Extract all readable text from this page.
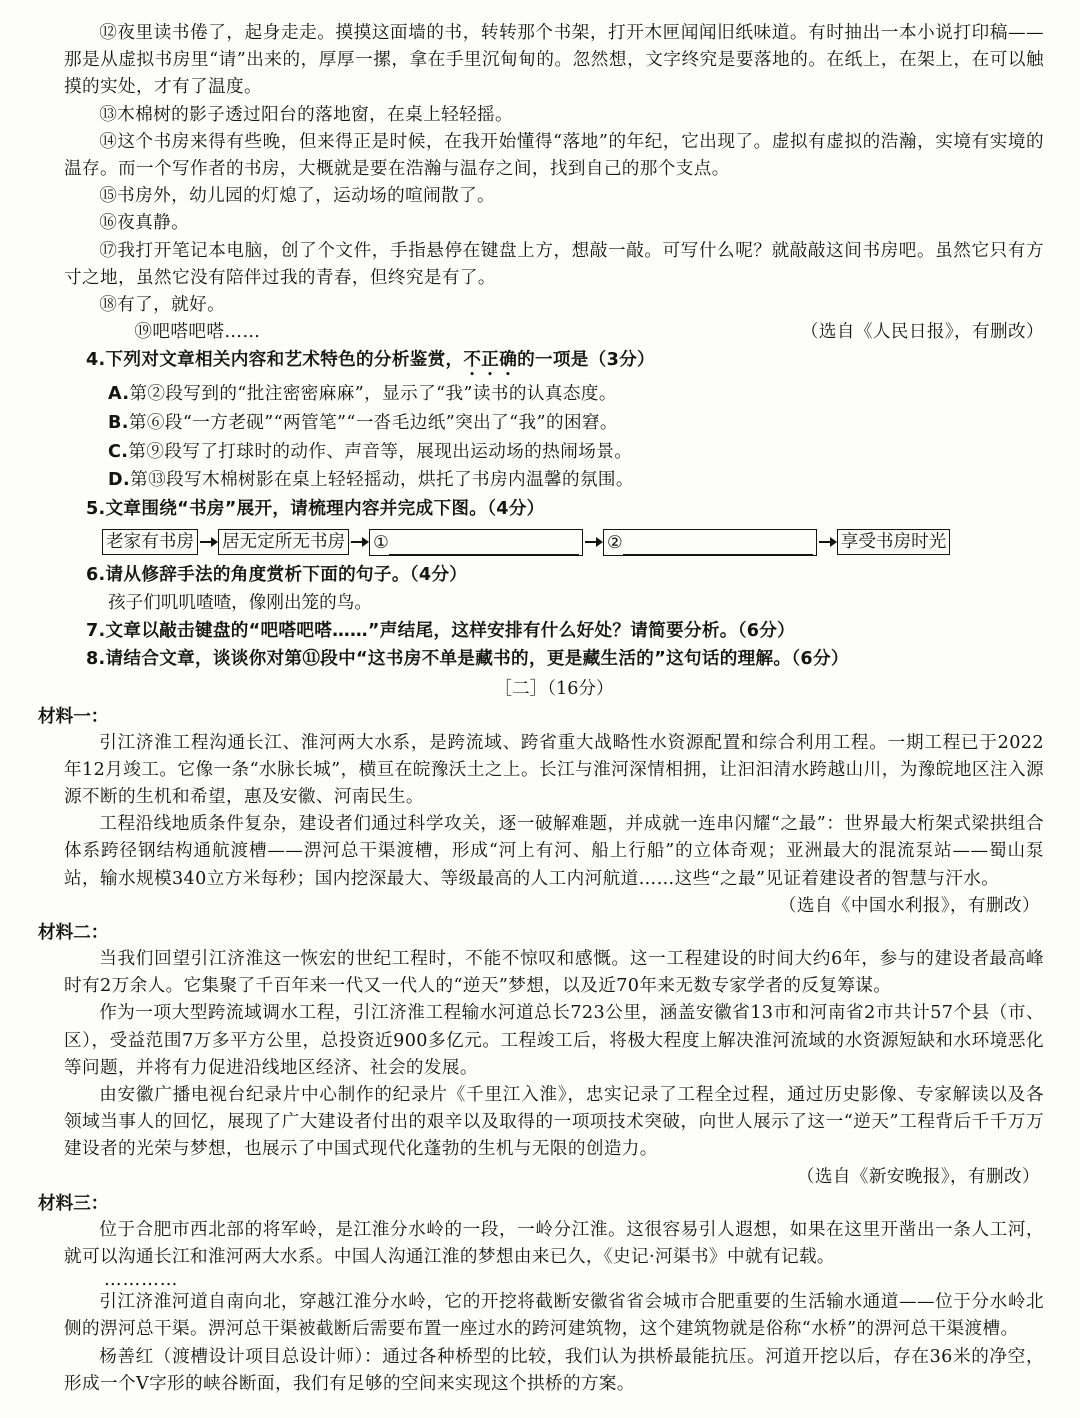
⑫夜里读书倦了，起身走走。摸摸这面墙的书，转转那个书架，打开木匣闻闻旧纸味道。有时抽出一本小说打印稿——那是从虚拟书房里“请”出来的，厚厚一摞，拿在手里沉甸甸的。忽然想，文字终究是要落地的。在纸上，在架上，在可以触摸的实处，才有了温度。

⑬木棉树的影子透过阳台的落地窗，在桌上轻轻摇。

⑭这个书房来得有些晚，但来得正是时候，在我开始懂得“落地”的年纪，它出现了。虚拟有虚拟的浩瀚，实境有实境的温存。而一个写作者的书房，大概就是要在浩瀚与温存之间，找到自己的那个支点。

⑮书房外，幼儿园的灯熄了，运动场的喧闹散了。

⑯夜真静。

⑰我打开笔记本电脑，创了个文件，手指悬停在键盘上方，想敲一敲。可写什么呢？就敲敲这间书房吧。虽然它只有方寸之地，虽然它没有陪伴过我的青春，但终究是有了。

⑱有了，就好。

⑲吧嗒吧嗒……	（选自《人民日报》，有删改）

4.下列对文章相关内容和艺术特色的分析鉴赏，不正确的一项是（3分）

A.第②段写到的“批注密密麻麻”，显示了“我”读书的认真态度。

B.第⑥段“一方老砚”“两管笔”“一沓毛边纸”突出了“我”的困窘。

C.第⑨段写了打球时的动作、声音等，展现出运动场的热闹场景。

D.第⑬段写木棉树影在桌上轻轻摇动，烘托了书房内温馨的氛围。

5.文章围绕“书房”展开，请梳理内容并完成下图。（4分）

老家有书房 居无定所无书房 ①	②	享受书房时光

6.请从修辞手法的角度赏析下面的句子。（4分）

孩子们叽叽喳喳，像刚出笼的鸟。

7.文章以敲击键盘的“吧嗒吧嗒……”声结尾，这样安排有什么好处？请简要分析。（6分）

8.请结合文章，谈谈你对第⑪段中“这书房不单是藏书的，更是藏生活的”这句话的理解。（6分）

［二］（16分）

材料一：

引江济淮工程沟通长江、淮河两大水系，是跨流域、跨省重大战略性水资源配置和综合利用工程。一期工程已于2022年12月竣工。它像一条“水脉长城”，横亘在皖豫沃土之上。长江与淮河深情相拥，让汩汩清水跨越山川，为豫皖地区注入源源不断的生机和希望，惠及安徽、河南民生。

工程沿线地质条件复杂，建设者们通过科学攻关，逐一破解难题，并成就一连串闪耀“之最”：世界最大桁架式梁拱组合体系跨径钢结构通航渡槽——淠河总干渠渡槽，形成“河上有河、船上行船”的立体奇观；亚洲最大的混流泵站——蜀山泵站，输水规模340立方米每秒；国内挖深最大、等级最高的人工内河航道……这些“之最”见证着建设者的智慧与汗水。

（选自《中国水利报》，有删改）

材料二：

当我们回望引江济淮这一恢宏的世纪工程时，不能不惊叹和感慨。这一工程建设的时间大约6年，参与的建设者最高峰时有2万余人。它集聚了千百年来一代又一代人的“逆天”梦想，以及近70年来无数专家学者的反复筹谋。

作为一项大型跨流域调水工程，引江济淮工程输水河道总长723公里，涵盖安徽省13市和河南省2市共计57个县（市、区），受益范围7万多平方公里，总投资近900多亿元。工程竣工后，将极大程度上解决淮河流域的水资源短缺和水环境恶化等问题，并将有力促进沿线地区经济、社会的发展。

由安徽广播电视台纪录片中心制作的纪录片《千里江入淮》，忠实记录了工程全过程，通过历史影像、专家解读以及各领域当事人的回忆，展现了广大建设者付出的艰辛以及取得的一项项技术突破，向世人展示了这一“逆天”工程背后千千万万建设者的光荣与梦想，也展示了中国式现代化蓬勃的生机与无限的创造力。

（选自《新安晚报》，有删改）

材料三：

位于合肥市西北部的将军岭，是江淮分水岭的一段，一岭分江淮。这很容易引人遐想，如果在这里开凿出一条人工河，就可以沟通长江和淮河两大水系。中国人沟通江淮的梦想由来已久，《史记·河渠书》中就有记载。

…………

引江济淮河道自南向北，穿越江淮分水岭，它的开挖将截断安徽省省会城市合肥重要的生活输水通道——位于分水岭北侧的淠河总干渠。淠河总干渠被截断后需要布置一座过水的跨河建筑物，这个建筑物就是俗称“水桥”的淠河总干渠渡槽。

杨善红（渡槽设计项目总设计师）：通过各种桥型的比较，我们认为拱桥最能抗压。河道开挖以后，存在36米的净空，形成一个V字形的峡谷断面，我们有足够的空间来实现这个拱桥的方案。
